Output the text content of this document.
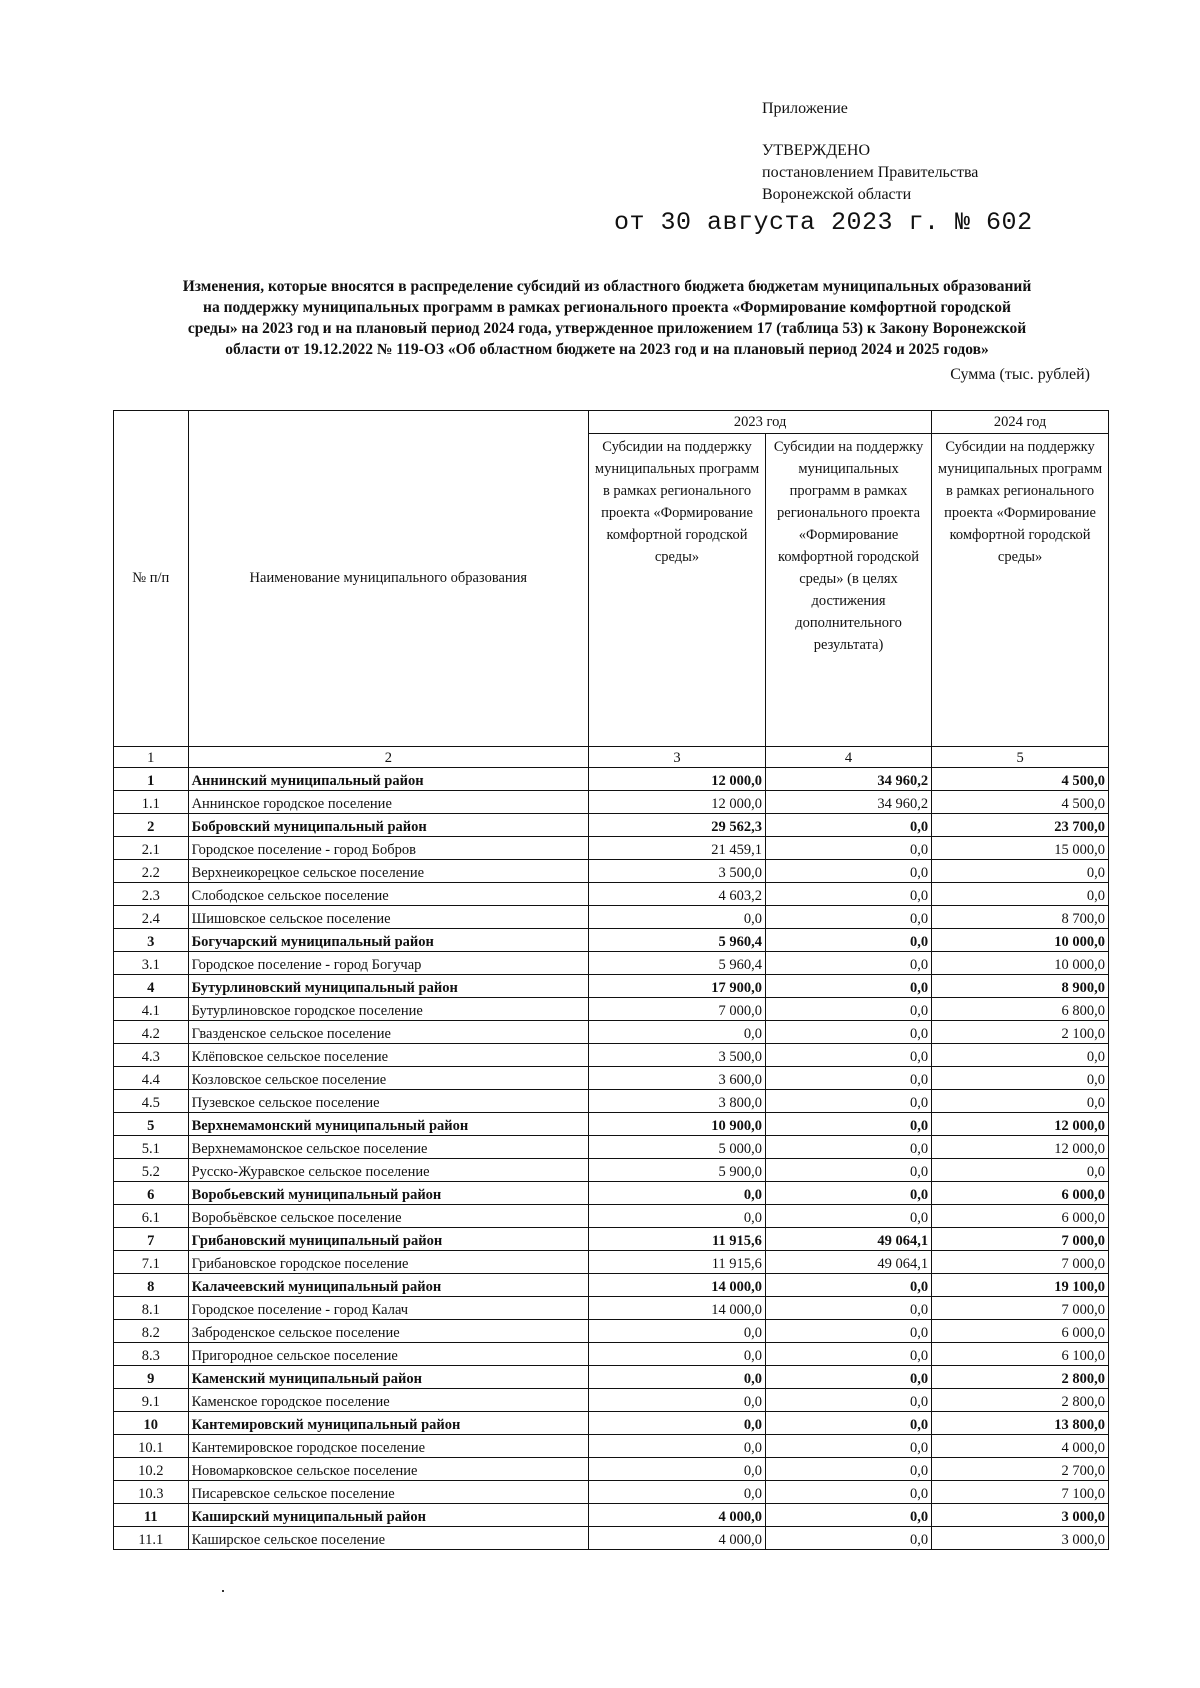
Приложение
УТВЕРЖДЕНО
постановлением Правительства
Воронежской области
от 30 августа 2023 г. № 602
Изменения, которые вносятся в распределение субсидий из областного бюджета бюджетам муниципальных образований
на поддержку муниципальных программ в рамках регионального проекта «Формирование комфортной городской
среды» на 2023 год и на плановый период 2024 года, утвержденное приложением 17 (таблица 53) к Закону Воронежской
области от 19.12.2022 № 119-ОЗ «Об областном бюджете на 2023 год и на плановый период 2024 и 2025 годов»
Сумма (тыс. рублей)
№ п/п	Наименование муниципального образования	2023 год		2024 год
		Субсидии на поддержку муниципальных программ в рамках регионального проекта «Формирование комфортной городской среды»	Субсидии на поддержку муниципальных программ в рамках регионального проекта «Формирование комфортной городской среды» (в целях достижения дополнительного результата)	Субсидии на поддержку муниципальных программ в рамках регионального проекта «Формирование комфортной городской среды»
1	2	3	4	5
1	Аннинский муниципальный район	12 000,0	34 960,2	4 500,0
1.1	Аннинское городское поселение	12 000,0	34 960,2	4 500,0
2	Бобровский муниципальный район	29 562,3	0,0	23 700,0
2.1	Городское поселение - город Бобров	21 459,1	0,0	15 000,0
2.2	Верхнеикорецкое сельское поселение	3 500,0	0,0	0,0
2.3	Слободское сельское поселение	4 603,2	0,0	0,0
2.4	Шишовское сельское поселение	0,0	0,0	8 700,0
3	Богучарский муниципальный район	5 960,4	0,0	10 000,0
3.1	Городское поселение - город Богучар	5 960,4	0,0	10 000,0
4	Бутурлиновский муниципальный район	17 900,0	0,0	8 900,0
4.1	Бутурлиновское городское поселение	7 000,0	0,0	6 800,0
4.2	Гвазденское сельское поселение	0,0	0,0	2 100,0
4.3	Клёповское сельское поселение	3 500,0	0,0	0,0
4.4	Козловское сельское поселение	3 600,0	0,0	0,0
4.5	Пузевское сельское поселение	3 800,0	0,0	0,0
5	Верхнемамонский муниципальный район	10 900,0	0,0	12 000,0
5.1	Верхнемамонское сельское поселение	5 000,0	0,0	12 000,0
5.2	Русско-Журавское сельское поселение	5 900,0	0,0	0,0
6	Воробьевский муниципальный район	0,0	0,0	6 000,0
6.1	Воробьёвское сельское поселение	0,0	0,0	6 000,0
7	Грибановский муниципальный район	11 915,6	49 064,1	7 000,0
7.1	Грибановское городское поселение	11 915,6	49 064,1	7 000,0
8	Калачеевский муниципальный район	14 000,0	0,0	19 100,0
8.1	Городское поселение - город Калач	14 000,0	0,0	7 000,0
8.2	Заброденское сельское поселение	0,0	0,0	6 000,0
8.3	Пригородное сельское поселение	0,0	0,0	6 100,0
9	Каменский муниципальный район	0,0	0,0	2 800,0
9.1	Каменское городское поселение	0,0	0,0	2 800,0
10	Кантемировский муниципальный район	0,0	0,0	13 800,0
10.1	Кантемировское городское поселение	0,0	0,0	4 000,0
10.2	Новомарковское сельское поселение	0,0	0,0	2 700,0
10.3	Писаревское сельское поселение	0,0	0,0	7 100,0
11	Каширский муниципальный район	4 000,0	0,0	3 000,0
11.1	Каширское сельское поселение	4 000,0	0,0	3 000,0
